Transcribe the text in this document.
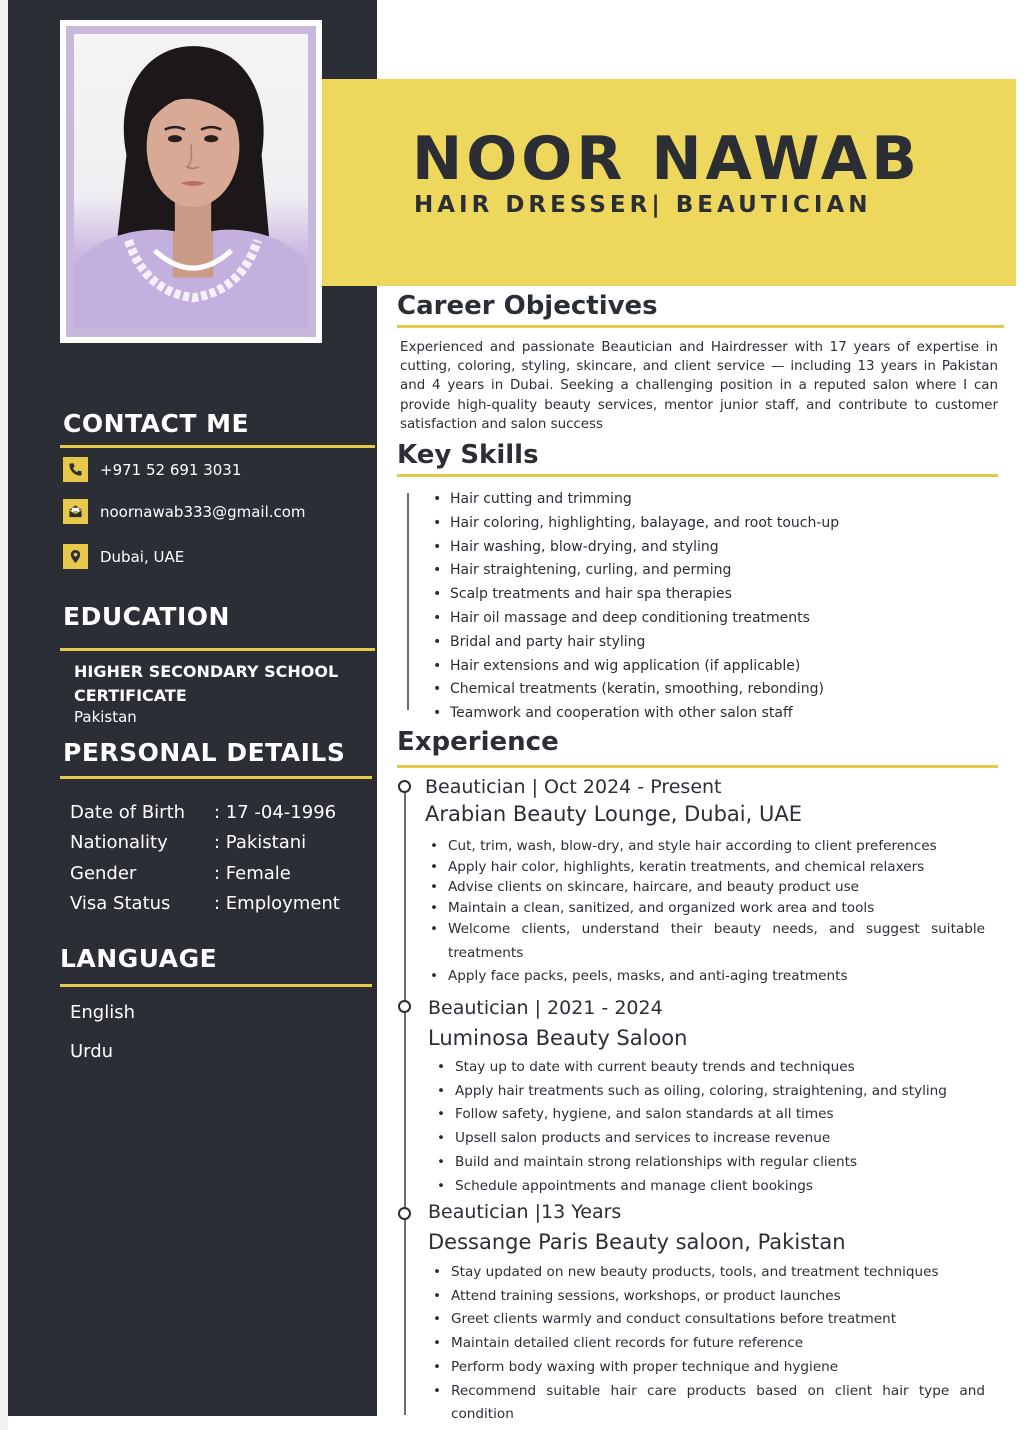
CONTACT ME
+971 52 691 3031
noornawab333@gmail.com
Dubai, UAE
EDUCATION
HIGHER SECONDARY SCHOOL CERTIFICATE
Pakistan
PERSONAL DETAILS
Date of Birth	: 17 -04-1996
Nationality	: Pakistani
Gender	: Female
Visa Status	: Employment
LANGUAGE
English
Urdu
NOOR NAWAB
HAIR DRESSER| BEAUTICIAN
Career Objectives
Experienced and passionate Beautician and Hairdresser with 17 years of expertise in cutting, coloring, styling, skincare, and client service — including 13 years in Pakistan and 4 years in Dubai. Seeking a challenging position in a reputed salon where I can provide high-quality beauty services, mentor junior staff, and contribute to customer satisfaction and salon success
Key Skills
• Hair cutting and trimming
• Hair coloring, highlighting, balayage, and root touch-up
• Hair washing, blow-drying, and styling
• Hair straightening, curling, and perming
• Scalp treatments and hair spa therapies
• Hair oil massage and deep conditioning treatments
• Bridal and party hair styling
• Hair extensions and wig application (if applicable)
• Chemical treatments (keratin, smoothing, rebonding)
• Teamwork and cooperation with other salon staff
Experience
Beautician | Oct 2024 - Present
Arabian Beauty Lounge, Dubai, UAE
• Cut, trim, wash, blow-dry, and style hair according to client preferences
• Apply hair color, highlights, keratin treatments, and chemical relaxers
• Advise clients on skincare, haircare, and beauty product use
• Maintain a clean, sanitized, and organized work area and tools
• Welcome clients, understand their beauty needs, and suggest suitable treatments
• Apply face packs, peels, masks, and anti-aging treatments
Beautician | 2021 - 2024
Luminosa Beauty Saloon
• Stay up to date with current beauty trends and techniques
• Apply hair treatments such as oiling, coloring, straightening, and styling
• Follow safety, hygiene, and salon standards at all times
• Upsell salon products and services to increase revenue
• Build and maintain strong relationships with regular clients
• Schedule appointments and manage client bookings
Beautician |13 Years
Dessange Paris Beauty saloon, Pakistan
• Stay updated on new beauty products, tools, and treatment techniques
• Attend training sessions, workshops, or product launches
• Greet clients warmly and conduct consultations before treatment
• Maintain detailed client records for future reference
• Perform body waxing with proper technique and hygiene
• Recommend suitable hair care products based on client hair type and condition
